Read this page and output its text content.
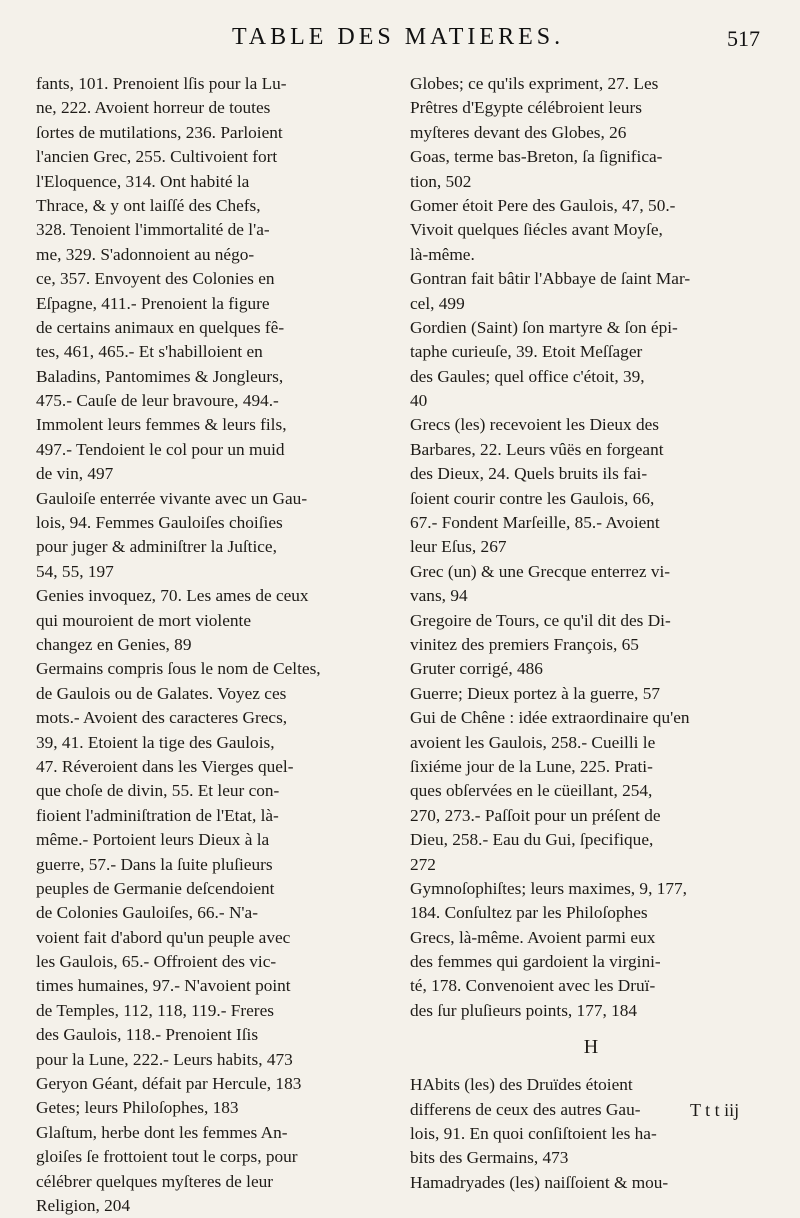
TABLE DES MATIERES.	517
fants, 101. Prenoient lſis pour la Lu-
ne, 222. Avoient horreur de toutes
ſortes de mutilations, 236. Parloient
l'ancien Grec, 255. Cultivoient fort
l'Eloquence, 314. Ont habité la
Thrace, & y ont laiſſé des Chefs,
328. Tenoient l'immortalité de l'a-
me, 329. S'adonnoient au négo-
ce, 357. Envoyent des Colonies en
Eſpagne, 411.- Prenoient la figure
de certains animaux en quelques fê-
tes, 461, 465.- Et s'habilloient en
Baladins, Pantomimes & Jongleurs,
475.- Cauſe de leur bravoure, 494.-
Immolent leurs femmes & leurs fils,
497.- Tendoient le col pour un muid
de vin, 497
Gauloiſe enterrée vivante avec un Gau-
lois, 94. Femmes Gauloiſes choiſies
pour juger & adminiſtrer la Juſtice,
54, 55, 197
Genies invoquez, 70. Les ames de ceux
qui mouroient de mort violente
changez en Genies, 89
Germains compris ſous le nom de Celtes,
de Gaulois ou de Galates. Voyez ces
mots.- Avoient des caracteres Grecs,
39, 41. Etoient la tige des Gaulois,
47. Réveroient dans les Vierges quel-
que choſe de divin, 55. Et leur con-
fioient l'adminiſtration de l'Etat, là-
même.- Portoient leurs Dieux à la
guerre, 57.- Dans la ſuite pluſieurs
peuples de Germanie deſcendoient
de Colonies Gauloiſes, 66.- N'a-
voient fait d'abord qu'un peuple avec
les Gaulois, 65.- Offroient des vic-
times humaines, 97.- N'avoient point
de Temples, 112, 118, 119.- Freres
des Gaulois, 118.- Prenoient Iſis
pour la Lune, 222.- Leurs habits, 473
Geryon Géant, défait par Hercule, 183
Getes; leurs Philoſophes, 183
Glaſtum, herbe dont les femmes An-
gloiſes ſe frottoient tout le corps, pour
célébrer quelques myſteres de leur
Religion, 204
Globes; ce qu'ils expriment, 27. Les
Prêtres d'Egypte célébroient leurs
myſteres devant des Globes, 26
Goas, terme bas-Breton, ſa ſignifica-
tion, 502
Gomer étoit Pere des Gaulois, 47, 50.-
Vivoit quelques ſiécles avant Moyſe,
là-même.
Gontran fait bâtir l'Abbaye de ſaint Mar-
cel, 499
Gordien (Saint) ſon martyre & ſon épi-
taphe curieuſe, 39. Etoit Meſſager
des Gaules; quel office c'étoit, 39,
40
Grecs (les) recevoient les Dieux des
Barbares, 22. Leurs vûës en forgeant
des Dieux, 24. Quels bruits ils fai-
ſoient courir contre les Gaulois, 66,
67.- Fondent Marſeille, 85.- Avoient
leur Eſus, 267
Grec (un) & une Grecque enterrez vi-
vans, 94
Gregoire de Tours, ce qu'il dit des Di-
vinitez des premiers François, 65
Gruter corrigé, 486
Guerre; Dieux portez à la guerre, 57
Gui de Chêne : idée extraordinaire qu'en
avoient les Gaulois, 258.- Cueilli le
ſixiéme jour de la Lune, 225. Prati-
ques obſervées en le cüeillant, 254,
270, 273.- Paſſoit pour un préſent de
Dieu, 258.- Eau du Gui, ſpecifique,
272
Gymnoſophiſtes; leurs maximes, 9, 177,
184. Conſultez par les Philoſophes
Grecs, là-même. Avoient parmi eux
des femmes qui gardoient la virgini-
té, 178. Convenoient avec les Druï-
des ſur pluſieurs points, 177, 184
H
HAbits (les) des Druïdes étoient
differens de ceux des autres Gau-
lois, 91. En quoi conſiſtoient les ha-
bits des Germains, 473
Hamadryades (les) naiſſoient & mou-
T t t iij
